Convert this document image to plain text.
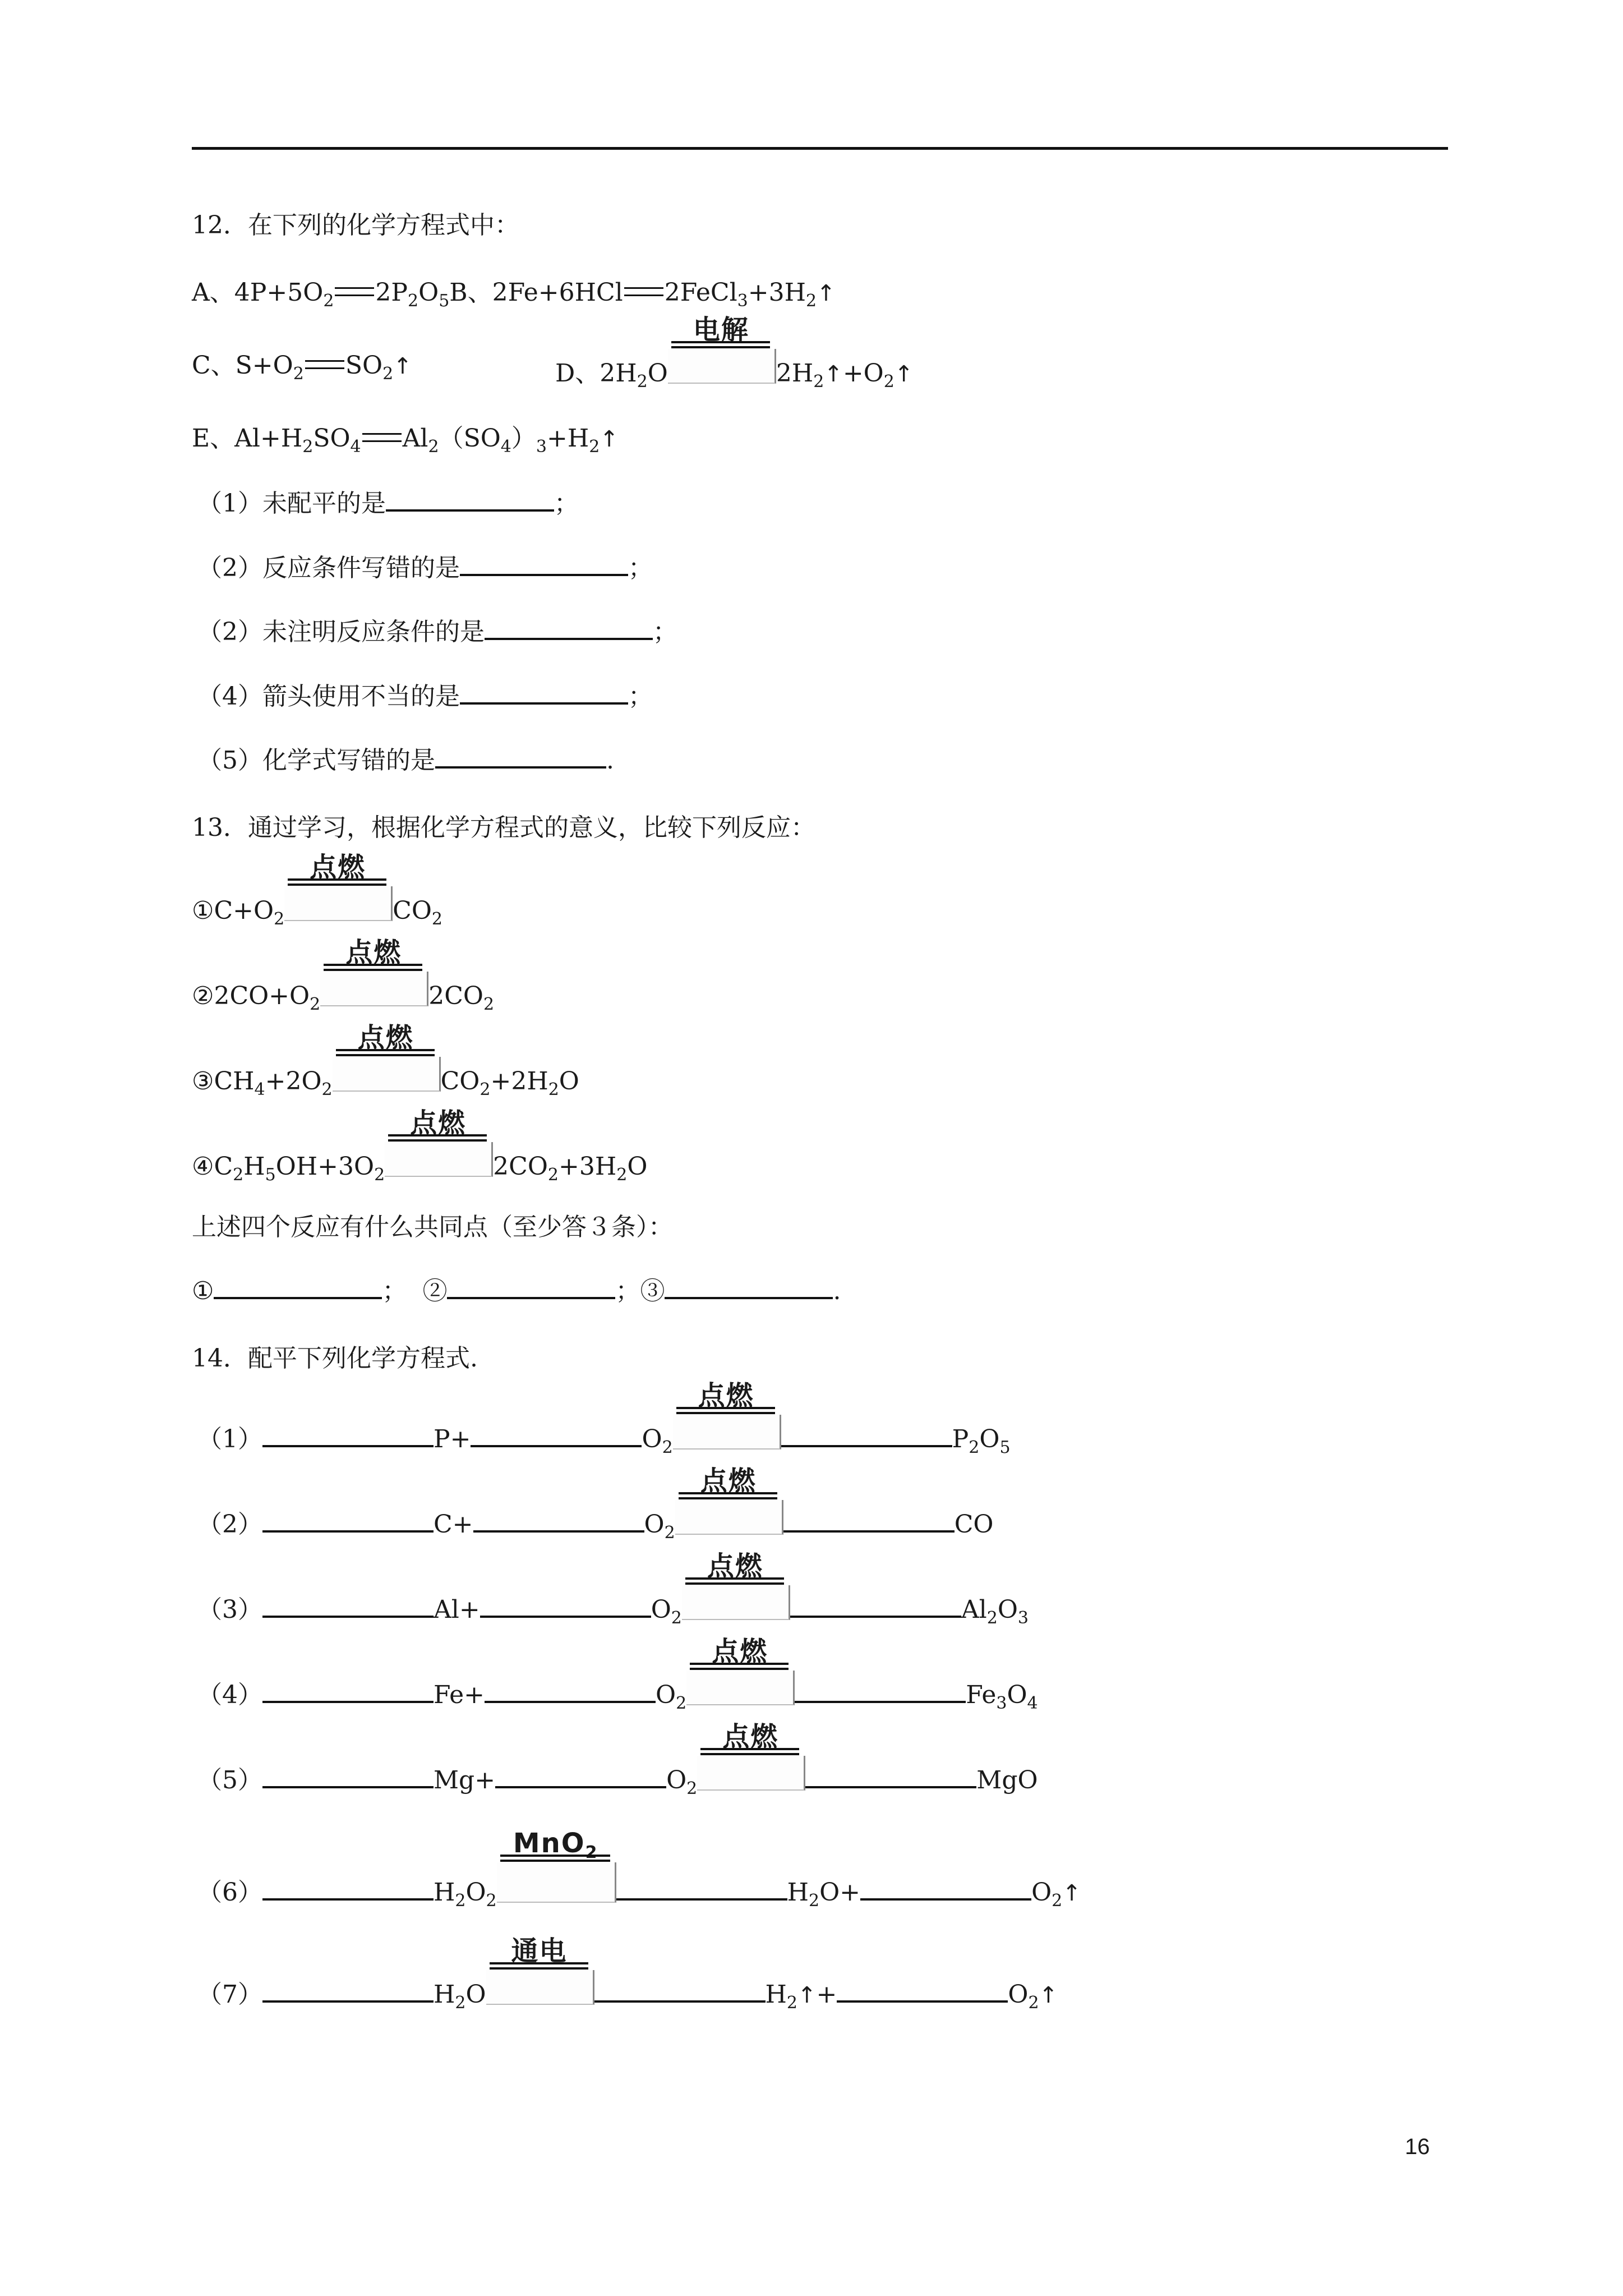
12．在下列的化学方程式中：
A、$4P+5O_2$ $2P_2O_5B$、2Fe+6HCl $2FeCl_3+3H_2↑$
C、$S+O_2$ $SO_2↑$	D、$2H_2O$
电解
$2H_2↑+O_2↑$
E、$Al+H_2SO_4$ $Al_2(SO_4)_3+H_2↑$
（1）未配平的是	；
（2）反应条件写错的是	；
（2）未注明反应条件的是	；
（4）箭头使用不当的是	；
（5）化学式写错的是	.
13．通过学习，根据化学方程式的意义，比较下列反应：
$①C+O_2$
点燃
$CO_2$
$②2CO+O_2$
点燃
$2CO_2$
$③CH_4+2O_2$
点燃
$CO_2+2H_2O$
$④C_2H_5OH+3O_2$
点燃
$2CO_2+3H_2O$
上述四个反应有什么共同点（至少答３条）：
①	； ②	；③	.
14．配平下列化学方程式.
（1）	P+	$O_2$
点燃
$P_2O_5$
（2）	C+	$O_2$
点燃
CO
（3）	Al+	$O_2$
点燃
$Al_2O_3$
（4）	Fe+	$O_2$
点燃
$Fe_3O_4$
（5）	Mg+	$O_2$
点燃
MgO
（6）	$H_2O_2$
MnO$_2$
$H_2O+$	$O_2↑$
（7）	$H_2O$
通电
$H_2↑+$	$O_2↑$
16
